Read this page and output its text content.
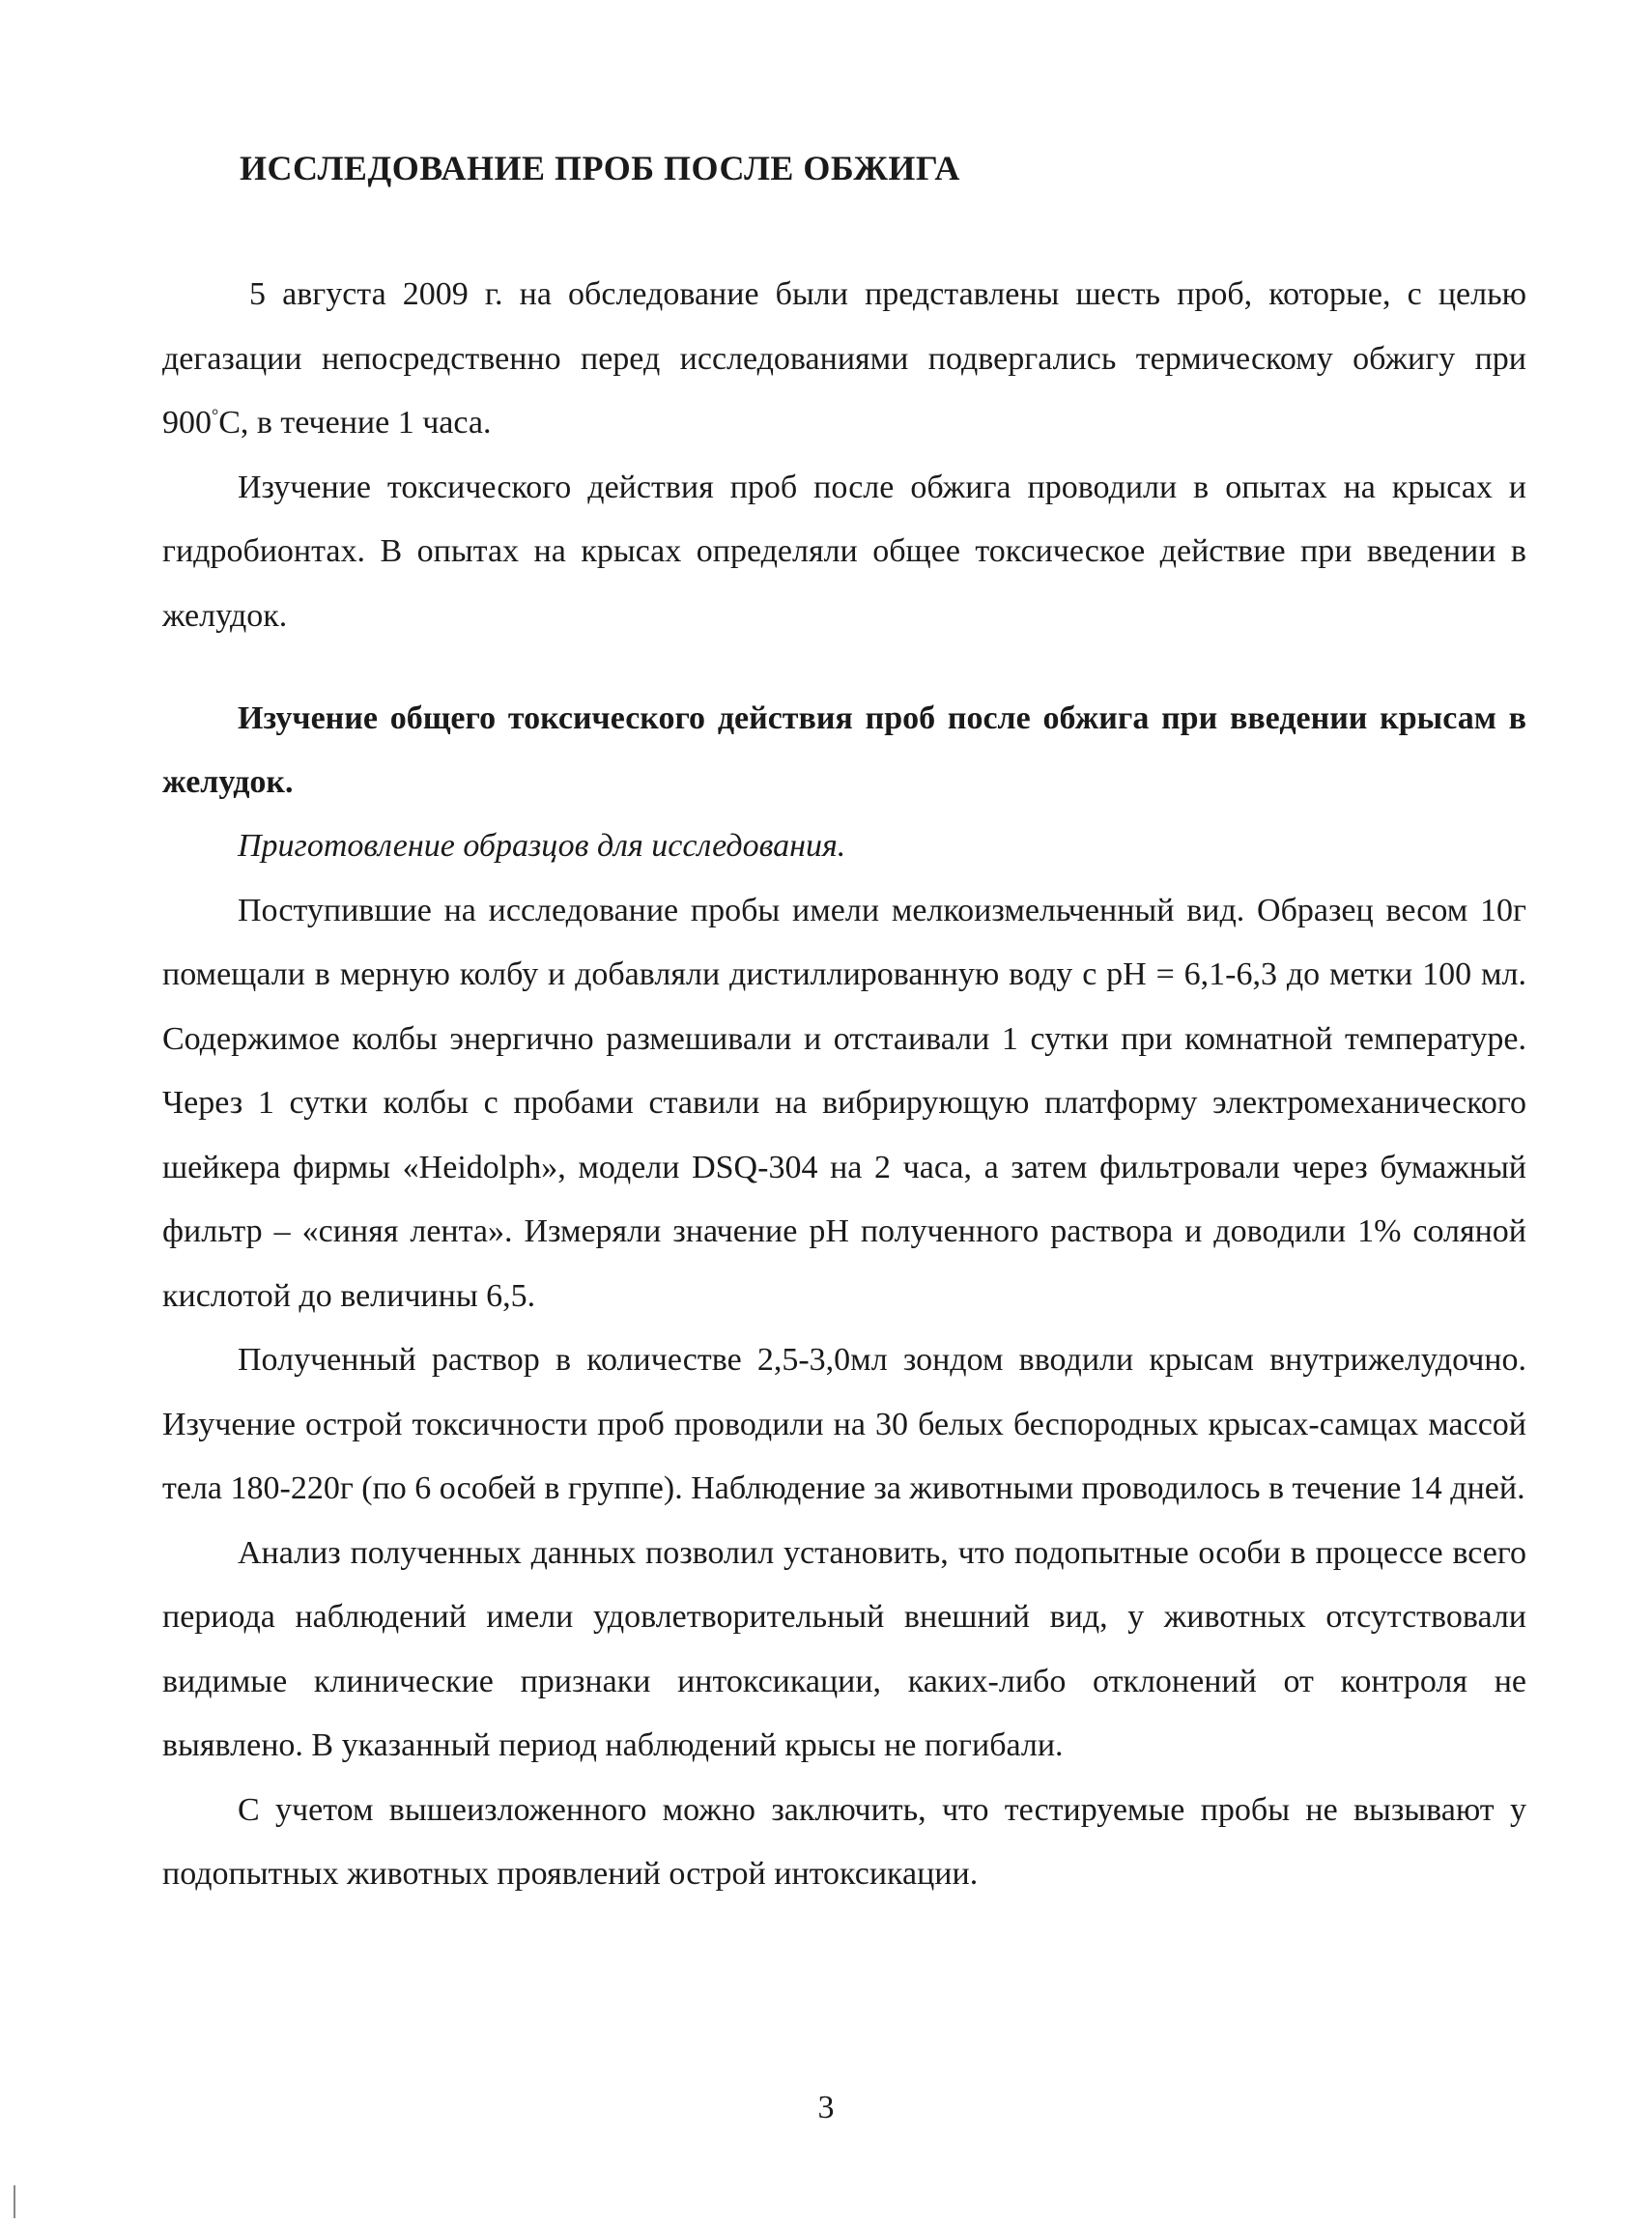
ИССЛЕДОВАНИЕ ПРОБ ПОСЛЕ ОБЖИГА

5 августа 2009 г. на обследование были представлены шесть проб, которые, с целью дегазации непосредственно перед исследованиями подвергались термическому обжигу при 900°С, в течение 1 часа.

Изучение токсического действия проб после обжига проводили в опытах на крысах и гидробионтах. В опытах на крысах определяли общее токсическое действие при введении в желудок.

Изучение общего токсического действия проб после обжига при введении крысам в желудок.

Приготовление образцов для исследования.

Поступившие на исследование пробы имели мелкоизмельченный вид. Образец весом 10г помещали в мерную колбу и добавляли дистиллированную воду с pH = 6,1-6,3 до метки 100 мл. Содержимое колбы энергично размешивали и отстаивали 1 сутки при комнатной температуре. Через 1 сутки колбы с пробами ставили на вибрирующую платформу электромеханического шейкера фирмы «Heidolph», модели DSQ-304 на 2 часа, а затем фильтровали через бумажный фильтр – «синяя лента». Измеряли значение pH полученного раствора и доводили 1% соляной кислотой до величины 6,5.

Полученный раствор в количестве 2,5-3,0мл зондом вводили крысам внутрижелудочно. Изучение острой токсичности проб проводили на 30 белых беспородных крысах-самцах массой тела 180-220г (по 6 особей в группе). Наблюдение за животными проводилось в течение 14 дней.

Анализ полученных данных позволил установить, что подопытные особи в процессе всего периода наблюдений имели удовлетворительный внешний вид, у животных отсутствовали видимые клинические признаки интоксикации, каких-либо отклонений от контроля не выявлено. В указанный период наблюдений крысы не погибали.

С учетом вышеизложенного можно заключить, что тестируемые пробы не вызывают у подопытных животных проявлений острой интоксикации.

3
